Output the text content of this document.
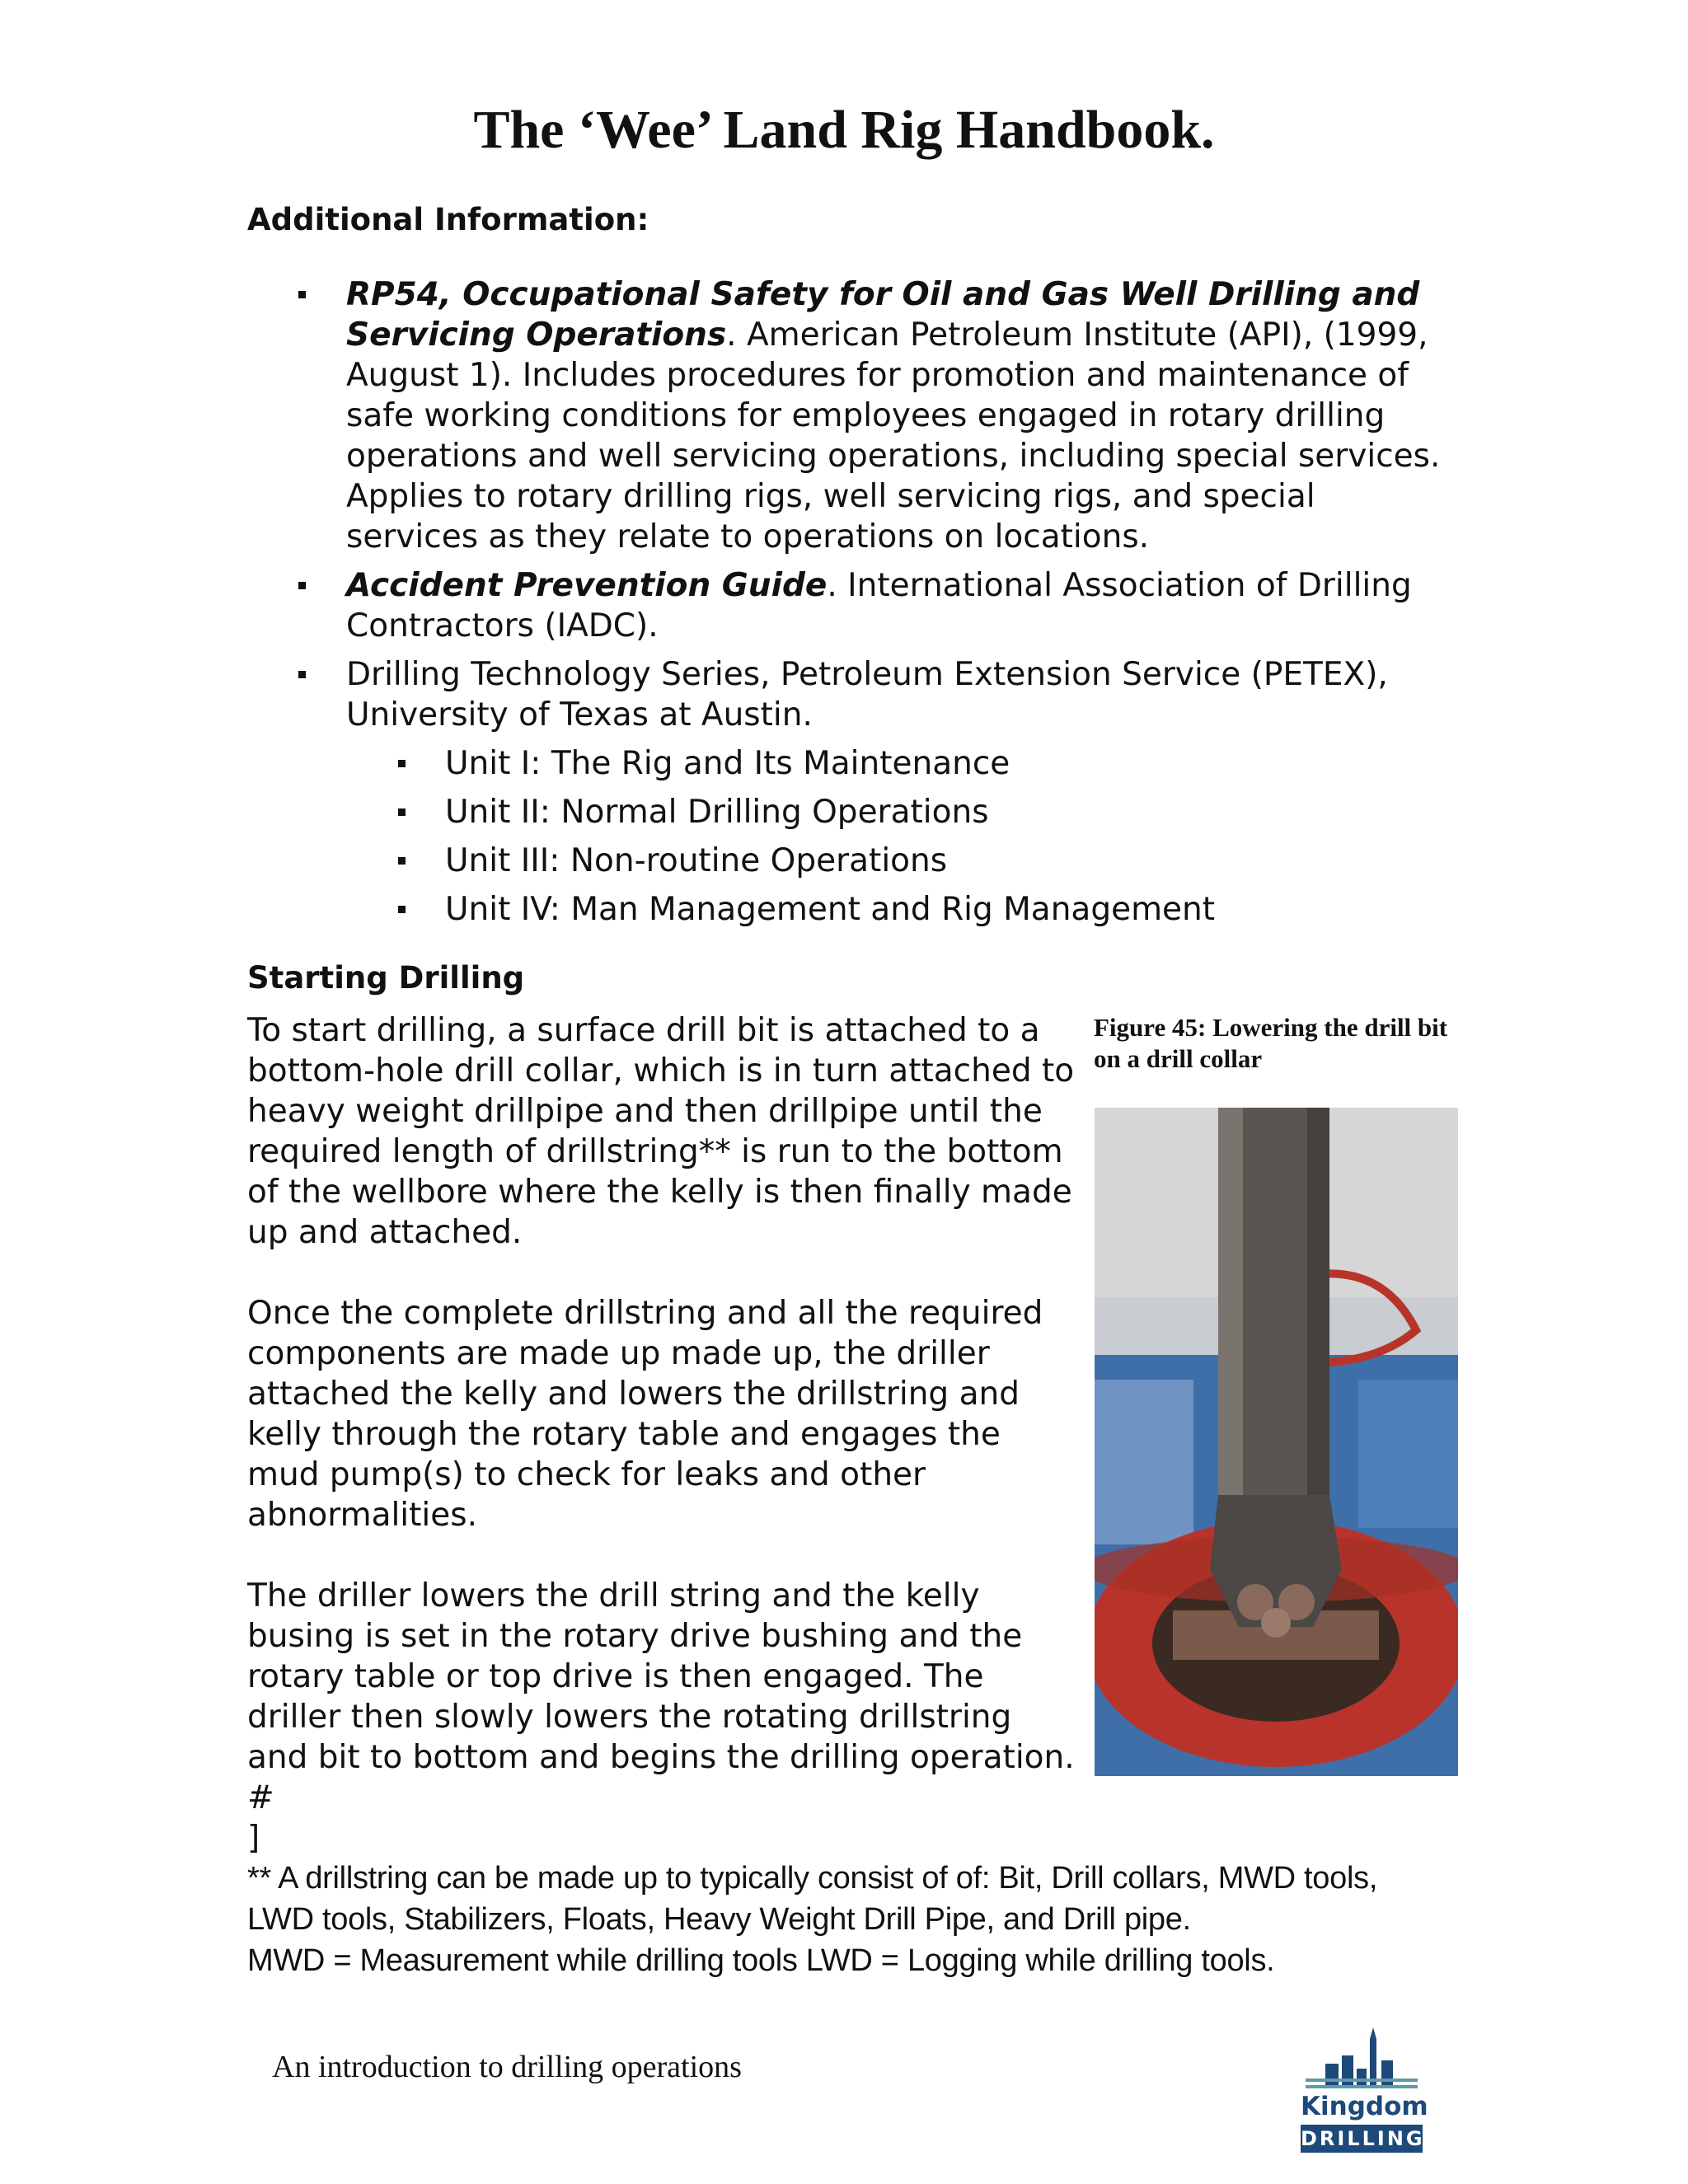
The ‘Wee’ Land Rig Handbook.
Additional Information:
RP54, Occupational Safety for Oil and Gas Well Drilling and Servicing Operations. American Petroleum Institute (API), (1999, August 1). Includes procedures for promotion and maintenance of safe working conditions for employees engaged in rotary drilling operations and well servicing operations, including special services. Applies to rotary drilling rigs, well servicing rigs, and special services as they relate to operations on locations.
Accident Prevention Guide. International Association of Drilling Contractors (IADC).
Drilling Technology Series, Petroleum Extension Service (PETEX), University of Texas at Austin.
Unit I: The Rig and Its Maintenance
Unit II: Normal Drilling Operations
Unit III: Non-routine Operations
Unit IV: Man Management and Rig Management
Starting Drilling

To start drilling, a surface drill bit is attached to a bottom-hole drill collar, which is in turn attached to heavy weight drillpipe and then drillpipe until the required length of drillstring** is run to the bottom of the wellbore where the kelly is then finally made up and attached.

Once the complete drillstring and all the required components are made up made up, the driller attached the kelly and lowers the drillstring and kelly through the rotary table and engages the mud pump(s) to check for leaks and other abnormalities.

The driller lowers the drill string and the kelly busing is set in the rotary drive bushing and the rotary table or top drive is then engaged. The driller then slowly lowers the rotating drillstring and bit to bottom and begins the drilling operation. #

]

Figure 45: Lowering the drill bit on a drill collar
** A drillstring can be made up to typically consist of of: Bit, Drill collars, MWD tools, LWD tools, Stabilizers, Floats, Heavy Weight Drill Pipe, and Drill pipe.
MWD = Measurement while drilling tools LWD = Logging while drilling tools.
An introduction to drilling operations
Kingdom
DRILLING
